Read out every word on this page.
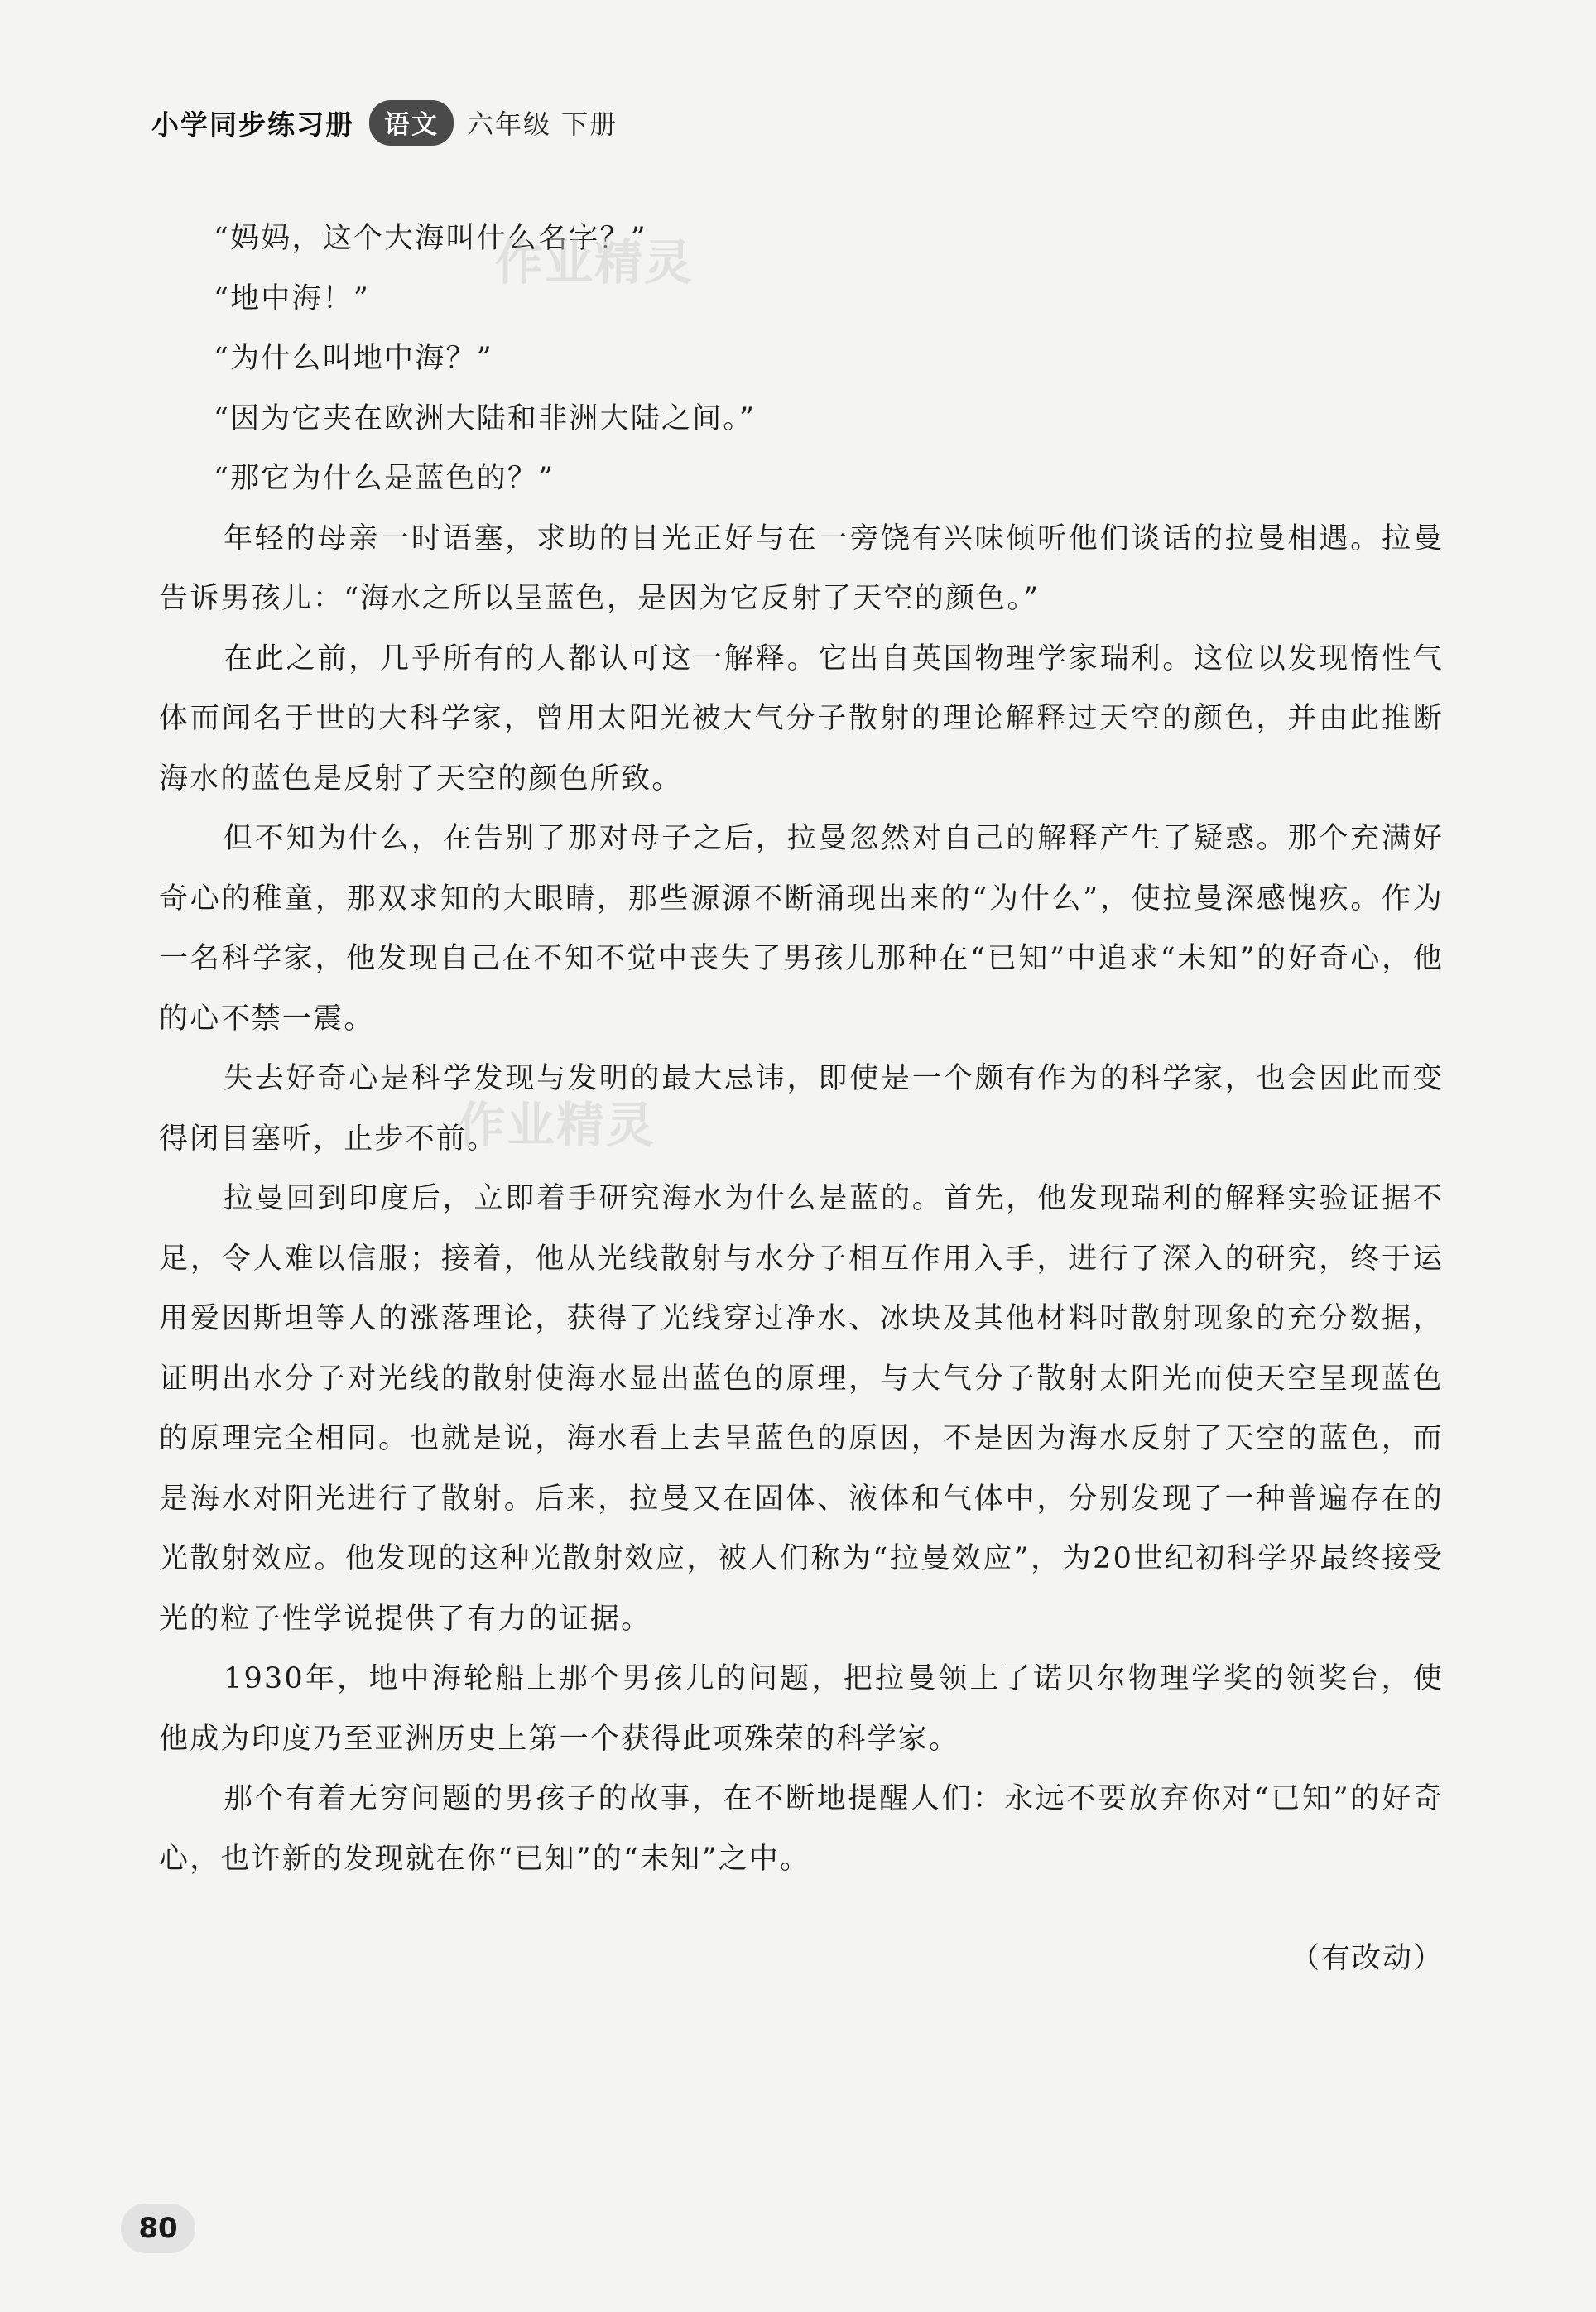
小学同步练习册	语文	六年级 下册

“妈妈，这个大海叫什么名字？”

“地中海！”

“为什么叫地中海？”

“因为它夹在欧洲大陆和非洲大陆之间。”

“那它为什么是蓝色的？”

年轻的母亲一时语塞，求助的目光正好与在一旁饶有兴味倾听他们谈话的拉曼相遇。拉曼告诉男孩儿：“海水之所以呈蓝色，是因为它反射了天空的颜色。”

在此之前，几乎所有的人都认可这一解释。它出自英国物理学家瑞利。这位以发现惰性气体而闻名于世的大科学家，曾用太阳光被大气分子散射的理论解释过天空的颜色，并由此推断海水的蓝色是反射了天空的颜色所致。

但不知为什么，在告别了那对母子之后，拉曼忽然对自己的解释产生了疑惑。那个充满好奇心的稚童，那双求知的大眼睛，那些源源不断涌现出来的“为什么”，使拉曼深感愧疚。作为一名科学家，他发现自己在不知不觉中丧失了男孩儿那种在“已知”中追求“未知”的好奇心，他的心不禁一震。

失去好奇心是科学发现与发明的最大忌讳，即使是一个颇有作为的科学家，也会因此而变得闭目塞听，止步不前。

拉曼回到印度后，立即着手研究海水为什么是蓝的。首先，他发现瑞利的解释实验证据不足，令人难以信服；接着，他从光线散射与水分子相互作用入手，进行了深入的研究，终于运用爱因斯坦等人的涨落理论，获得了光线穿过净水、冰块及其他材料时散射现象的充分数据，证明出水分子对光线的散射使海水显出蓝色的原理，与大气分子散射太阳光而使天空呈现蓝色的原理完全相同。也就是说，海水看上去呈蓝色的原因，不是因为海水反射了天空的蓝色，而是海水对阳光进行了散射。后来，拉曼又在固体、液体和气体中，分别发现了一种普遍存在的光散射效应。他发现的这种光散射效应，被人们称为“拉曼效应”，为20世纪初科学界最终接受光的粒子性学说提供了有力的证据。

1930年，地中海轮船上那个男孩儿的问题，把拉曼领上了诺贝尔物理学奖的领奖台，使他成为印度乃至亚洲历史上第一个获得此项殊荣的科学家。

那个有着无穷问题的男孩子的故事，在不断地提醒人们：永远不要放弃你对“已知”的好奇心，也许新的发现就在你“已知”的“未知”之中。

（有改动）
作业精灵
作业精灵
80
